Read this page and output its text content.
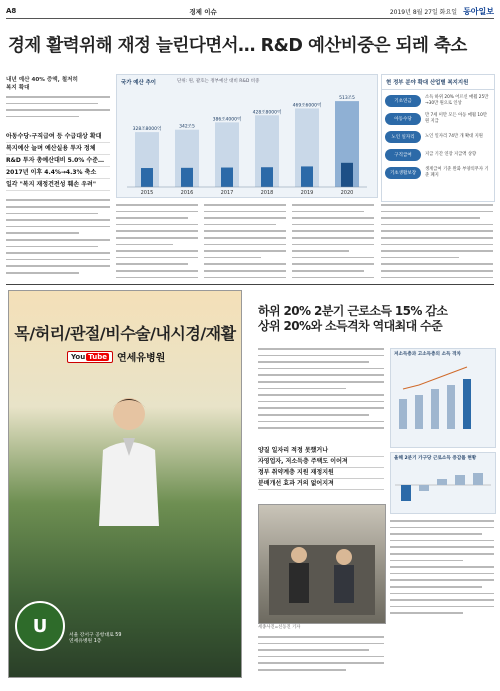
A8	경제 이슈	2019년 8월 27일 화요일 동아일보
경제 활력위해 재정 늘린다면서… R&D 예산비중은 되레 축소
내년 예산 40% 증액, 철저히
복지 확대
아동수당·구직급여 등 수급대상 확대
복지예산 늘며 예산실용 투자 정체
R&D 투자 총예산대비 5.0% 수준…
2017년 이후 4.4%→4.3% 축소
일각 "복지 재정건전성 훼손 우려"
국가 예산 추이	단위: 원, 괄호는 정부예산 대비 R&D 비중
328조8000억
2015
342조5
2016
386조4000억
2017
428조8000억
2018
469조6000억
2019
513조5
2020
현 정부 분야 확대 산업별 복지지원
기초연금
소득 하위 20% 어르신 매월 25만→30만 원으로 인상
아동수당
만 7세 미만 모든 아동 매월 10만 원 지급
노인 일자리	노인 일자리 74만 개 확대 지원
구직급여	지급 기간 연장 지급액 상향
기초생활보장
생계급여 기준 완화 부양의무자 기준 폐지
목/허리/관절/비수술/내시경/재활
You Tube	연세유병원
U	서울 강서구 공항대로 59
연세유병원 1층
하위 20% 2분기 근로소득 15% 감소
상위 20%와 소득격차 역대최대 수준
저소득층과 고소득층의 소득 격차
올해 2분기 가구당 근로소득 증감률 현황
양질 일자리 적정 못했거나
자영업자, 저소득층 주택도 이어져
정부 취약계층 지원 재정지원
분배개선 효과 거의 없어지져
세종사진=신동진 기자
